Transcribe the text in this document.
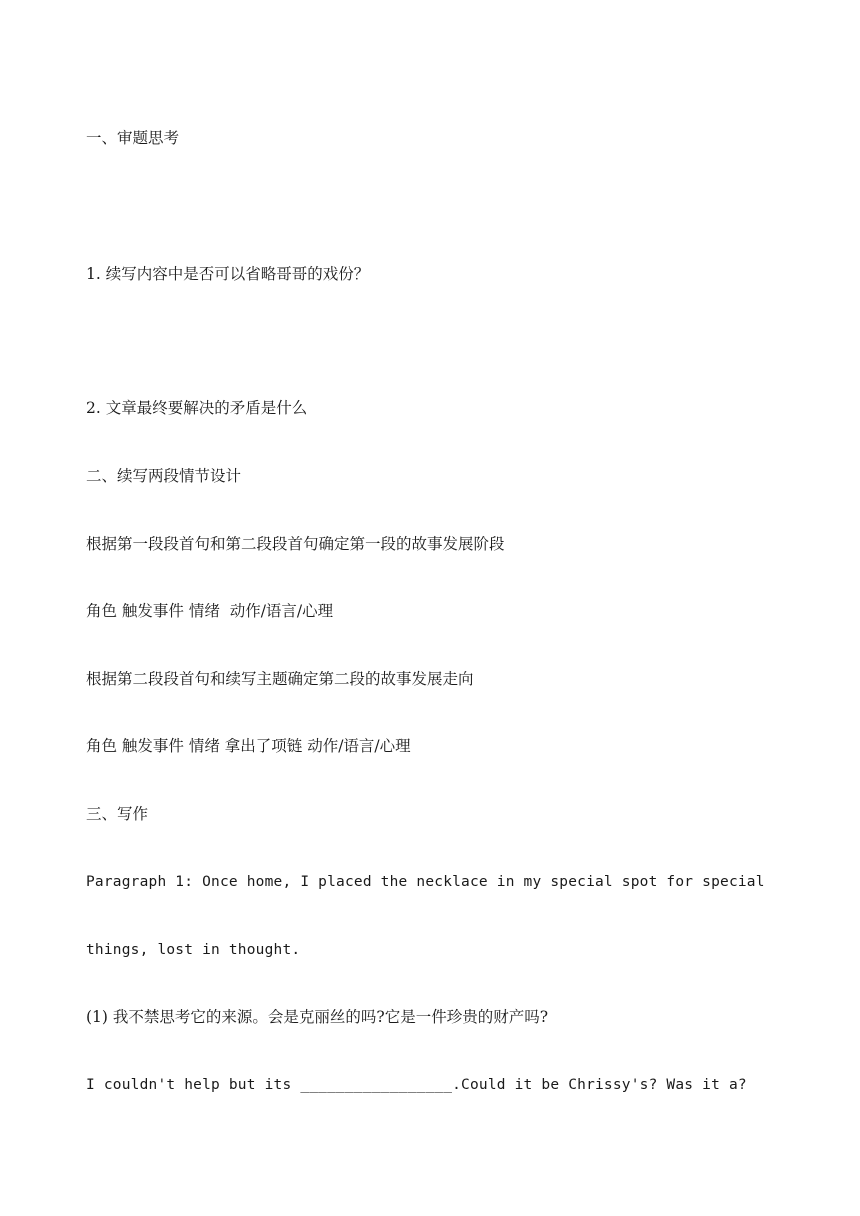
一、审题思考

1. 续写内容中是否可以省略哥哥的戏份？

2. 文章最终要解决的矛盾是什么

二、续写两段情节设计

根据第一段段首句和第二段段首句确定第一段的故事发展阶段

角色 触发事件 情绪  动作/语言/心理

根据第二段段首句和续写主题确定第二段的故事发展走向

角色 触发事件 情绪 拿出了项链 动作/语言/心理

三、写作

Paragraph 1: Once home, I placed the necklace in my special spot for special

things, lost in thought.

(1) 我不禁思考它的来源。会是克丽丝的吗?它是一件珍贵的财产吗?

I couldn't help but its _________________.Could it be Chrissy's? Was it a?
